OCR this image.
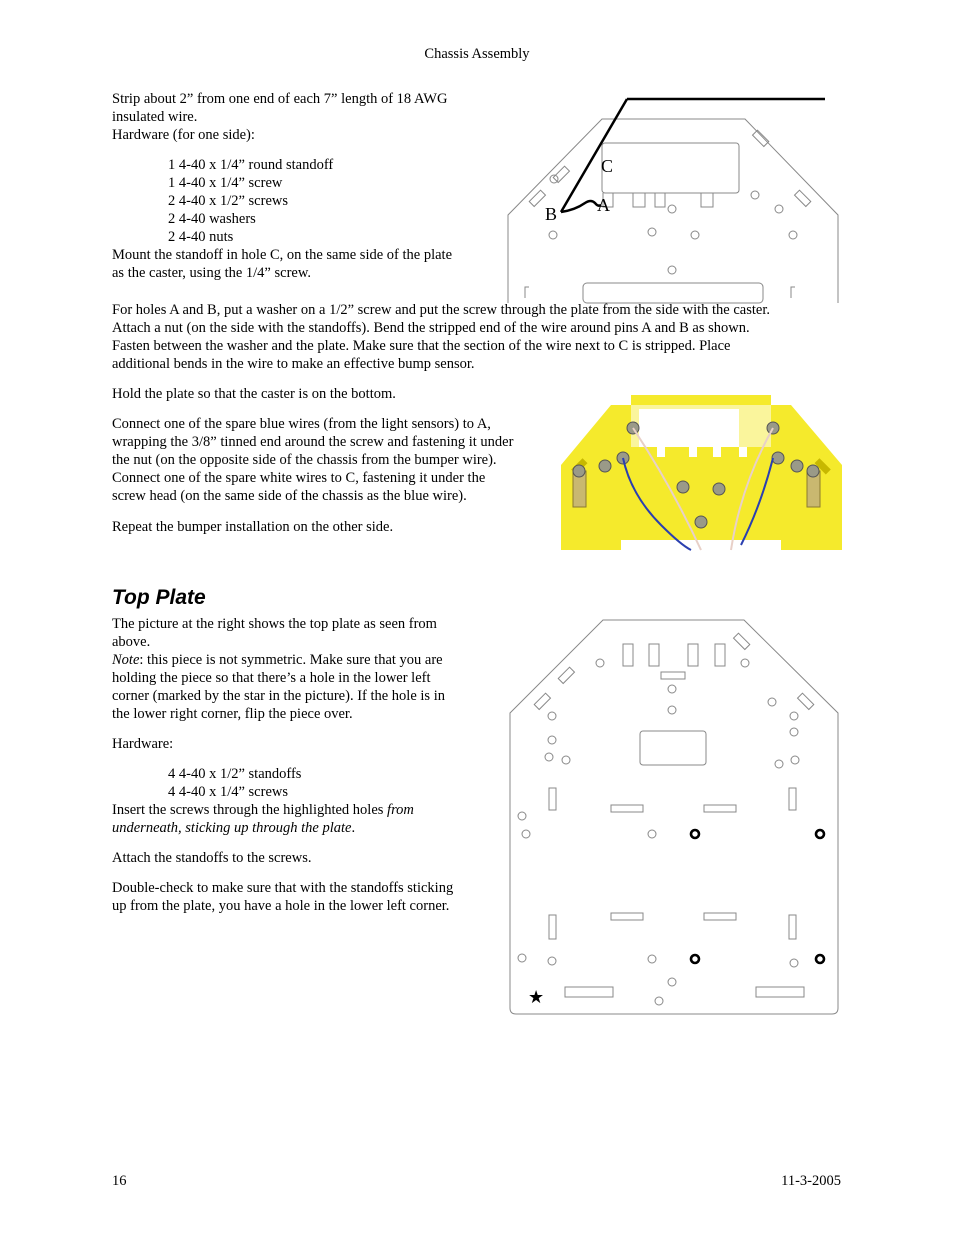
Chassis Assembly

Strip about 2” from one end of each 7” length of 18 AWG

insulated wire.

Hardware (for one side):

1 4-40 x 1/4” round standoff

1 4-40 x 1/4” screw

2 4-40 x 1/2” screws

2 4-40 washers

2 4-40 nuts

Mount the standoff in hole C, on the same side of the plate

as the caster, using the 1/4” screw.

For holes A and B, put a washer on a 1/2” screw and put the screw through the plate from the side with the caster.

Attach a nut (on the side with the standoffs). Bend the stripped end of the wire around pins A and B as shown.

Fasten between the washer and the plate. Make sure that the section of the wire next to C is stripped. Place

additional bends in the wire to make an effective bump sensor.

Hold the plate so that the caster is on the bottom.

Connect one of the spare blue wires (from the light sensors) to A,

wrapping the 3/8” tinned end around the screw and fastening it under

the nut (on the opposite side of the chassis from the bumper wire).

Connect one of the spare white wires to C, fastening it under the

screw head (on the same side of the chassis as the blue wire).

Repeat the bumper installation on the other side.
C
B A
Top Plate

The picture at the right shows the top plate as seen from

above.

Note: this piece is not symmetric. Make sure that you are

holding the piece so that there’s a hole in the lower left

corner (marked by the star in the picture). If the hole is in

the lower right corner, flip the piece over.

Hardware:

4 4-40 x 1/2” standoffs

4 4-40 x 1/4” screws

Insert the screws through the highlighted holes from

underneath, sticking up through the plate.

Attach the standoffs to the screws.

Double-check to make sure that with the standoffs sticking

up from the plate, you have a hole in the lower left corner.

★
16	11-3-2005
